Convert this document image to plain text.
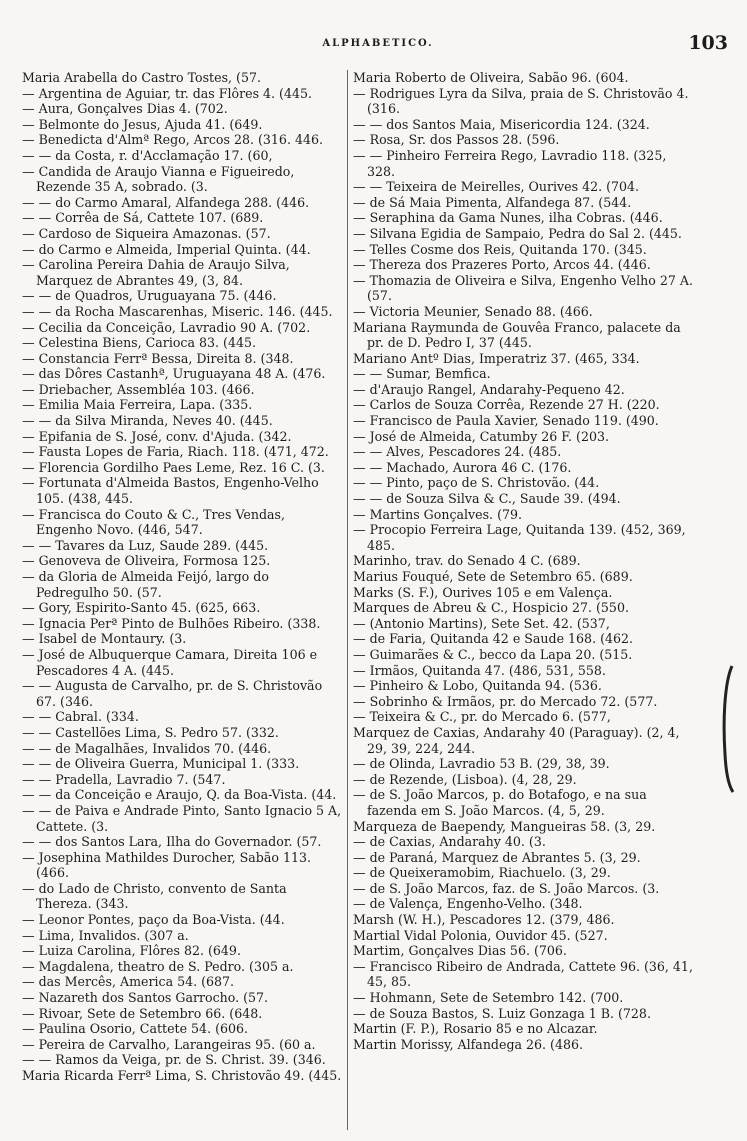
ALPHABETICO.	103

Maria Arabella do Castro Tostes, (57.

— Argentina de Aguiar, tr. das Flôres 4. (445.

— Aura, Gonçalves Dias 4. (702.

— Belmonte do Jesus, Ajuda 41. (649.

— Benedicta d'Almª Rego, Arcos 28. (316. 446.

— — da Costa, r. d'Acclamação 17. (60,

— Candida de Araujo Vianna e Figueiredo, Rezende 35 A, sobrado. (3.

— — do Carmo Amaral, Alfandega 288. (446.

— — Corrêa de Sá, Cattete 107. (689.

— Cardoso de Siqueira Amazonas. (57.

— do Carmo e Almeida, Imperial Quinta. (44.

— Carolina Pereira Dahia de Araujo Silva, Marquez de Abrantes 49, (3, 84.

— — de Quadros, Uruguayana 75. (446.

— — da Rocha Mascarenhas, Miseric. 146. (445.

— Cecilia da Conceição, Lavradio 90 A. (702.

— Celestina Biens, Carioca 83. (445.

— Constancia Ferrª Bessa, Direita 8. (348.

— das Dôres Castanhª, Uruguayana 48 A. (476.

— Driebacher, Assembléa 103. (466.

— Emilia Maia Ferreira, Lapa. (335.

— — da Silva Miranda, Neves 40. (445.

— Epifania de S. José, conv. d'Ajuda. (342.

— Fausta Lopes de Faria, Riach. 118. (471, 472.

— Florencia Gordilho Paes Leme, Rez. 16 C. (3.

— Fortunata d'Almeida Bastos, Engenho-Velho 105. (438, 445.

— Francisca do Couto & C., Tres Vendas, Engenho Novo. (446, 547.

— — Tavares da Luz, Saude 289. (445.

— Genoveva de Oliveira, Formosa 125.

— da Gloria de Almeida Feijó, largo do Pedregulho 50. (57.

— Gory, Espirito-Santo 45. (625, 663.

— Ignacia Perª Pinto de Bulhões Ribeiro. (338.

— Isabel de Montaury. (3.

— José de Albuquerque Camara, Direita 106 e Pescadores 4 A. (445.

— — Augusta de Carvalho, pr. de S. Christovão 67. (346.

— — Cabral. (334.

— — Castellões Lima, S. Pedro 57. (332.

— — de Magalhães, Invalidos 70. (446.

— — de Oliveira Guerra, Municipal 1. (333.

— — Pradella, Lavradio 7. (547.

— — da Conceição e Araujo, Q. da Boa-Vista. (44.

— — de Paiva e Andrade Pinto, Santo Ignacio 5 A, Cattete. (3.

— — dos Santos Lara, Ilha do Governador. (57.

— Josephina Mathildes Durocher, Sabão 113. (466.

— do Lado de Christo, convento de Santa Thereza. (343.

— Leonor Pontes, paço da Boa-Vista. (44.

— Lima, Invalidos. (307 a.

— Luiza Carolina, Flôres 82. (649.

— Magdalena, theatro de S. Pedro. (305 a.

— das Mercês, America 54. (687.

— Nazareth dos Santos Garrocho. (57.

— Rivoar, Sete de Setembro 66. (648.

— Paulina Osorio, Cattete 54. (606.

— Pereira de Carvalho, Larangeiras 95. (60 a.

— — Ramos da Veiga, pr. de S. Christ. 39. (346.

Maria Ricarda Ferrª Lima, S. Christovão 49. (445.

Maria Roberto de Oliveira, Sabão 96. (604.

— Rodrigues Lyra da Silva, praia de S. Christovão 4. (316.

— — dos Santos Maia, Misericordia 124. (324.

— Rosa, Sr. dos Passos 28. (596.

— — Pinheiro Ferreira Rego, Lavradio 118. (325, 328.

— — Teixeira de Meirelles, Ourives 42. (704.

— de Sá Maia Pimenta, Alfandega 87. (544.

— Seraphina da Gama Nunes, ilha Cobras. (446.

— Silvana Egidia de Sampaio, Pedra do Sal 2. (445.

— Telles Cosme dos Reis, Quitanda 170. (345.

— Thereza dos Prazeres Porto, Arcos 44. (446.

— Thomazia de Oliveira e Silva, Engenho Velho 27 A. (57.

— Victoria Meunier, Senado 88. (466.

Mariana Raymunda de Gouvêa Franco, palacete da pr. de D. Pedro I, 37 (445.

Mariano Antº Dias, Imperatriz 37. (465, 334.

— — Sumar, Bemfica.

— d'Araujo Rangel, Andarahy-Pequeno 42.

— Carlos de Souza Corrêa, Rezende 27 H. (220.

— Francisco de Paula Xavier, Senado 119. (490.

— José de Almeida, Catumby 26 F. (203.

— — Alves, Pescadores 24. (485.

— — Machado, Aurora 46 C. (176.

— — Pinto, paço de S. Christovão. (44.

— — de Souza Silva & C., Saude 39. (494.

— Martins Gonçalves. (79.

— Procopio Ferreira Lage, Quitanda 139. (452, 369, 485.

Marinho, trav. do Senado 4 C. (689.

Marius Fouqué, Sete de Setembro 65. (689.

Marks (S. F.), Ourives 105 e em Valença.

Marques de Abreu & C., Hospicio 27. (550.

— (Antonio Martins), Sete Set. 42. (537,

— de Faria, Quitanda 42 e Saude 168. (462.

— Guimarães & C., becco da Lapa 20. (515.

— Irmãos, Quitanda 47. (486, 531, 558.

— Pinheiro & Lobo, Quitanda 94. (536.

— Sobrinho & Irmãos, pr. do Mercado 72. (577.

— Teixeira & C., pr. do Mercado 6. (577,

Marquez de Caxias, Andarahy 40 (Paraguay). (2, 4, 29, 39, 224, 244.

— de Olinda, Lavradio 53 B. (29, 38, 39.

— de Rezende, (Lisboa). (4, 28, 29.

— de S. João Marcos, p. do Botafogo, e na sua fazenda em S. João Marcos. (4, 5, 29.

Marqueza de Baependy, Mangueiras 58. (3, 29.

— de Caxias, Andarahy 40. (3.

— de Paraná, Marquez de Abrantes 5. (3, 29.

— de Queixeramobim, Riachuelo. (3, 29.

— de S. João Marcos, faz. de S. João Marcos. (3.

— de Valença, Engenho-Velho. (348.

Marsh (W. H.), Pescadores 12. (379, 486.

Martial Vidal Polonia, Ouvidor 45. (527.

Martim, Gonçalves Dias 56. (706.

— Francisco Ribeiro de Andrada, Cattete 96. (36, 41, 45, 85.

— Hohmann, Sete de Setembro 142. (700.

— de Souza Bastos, S. Luiz Gonzaga 1 B. (728.

Martin (F. P.), Rosario 85 e no Alcazar.

Martin Morissy, Alfandega 26. (486.
